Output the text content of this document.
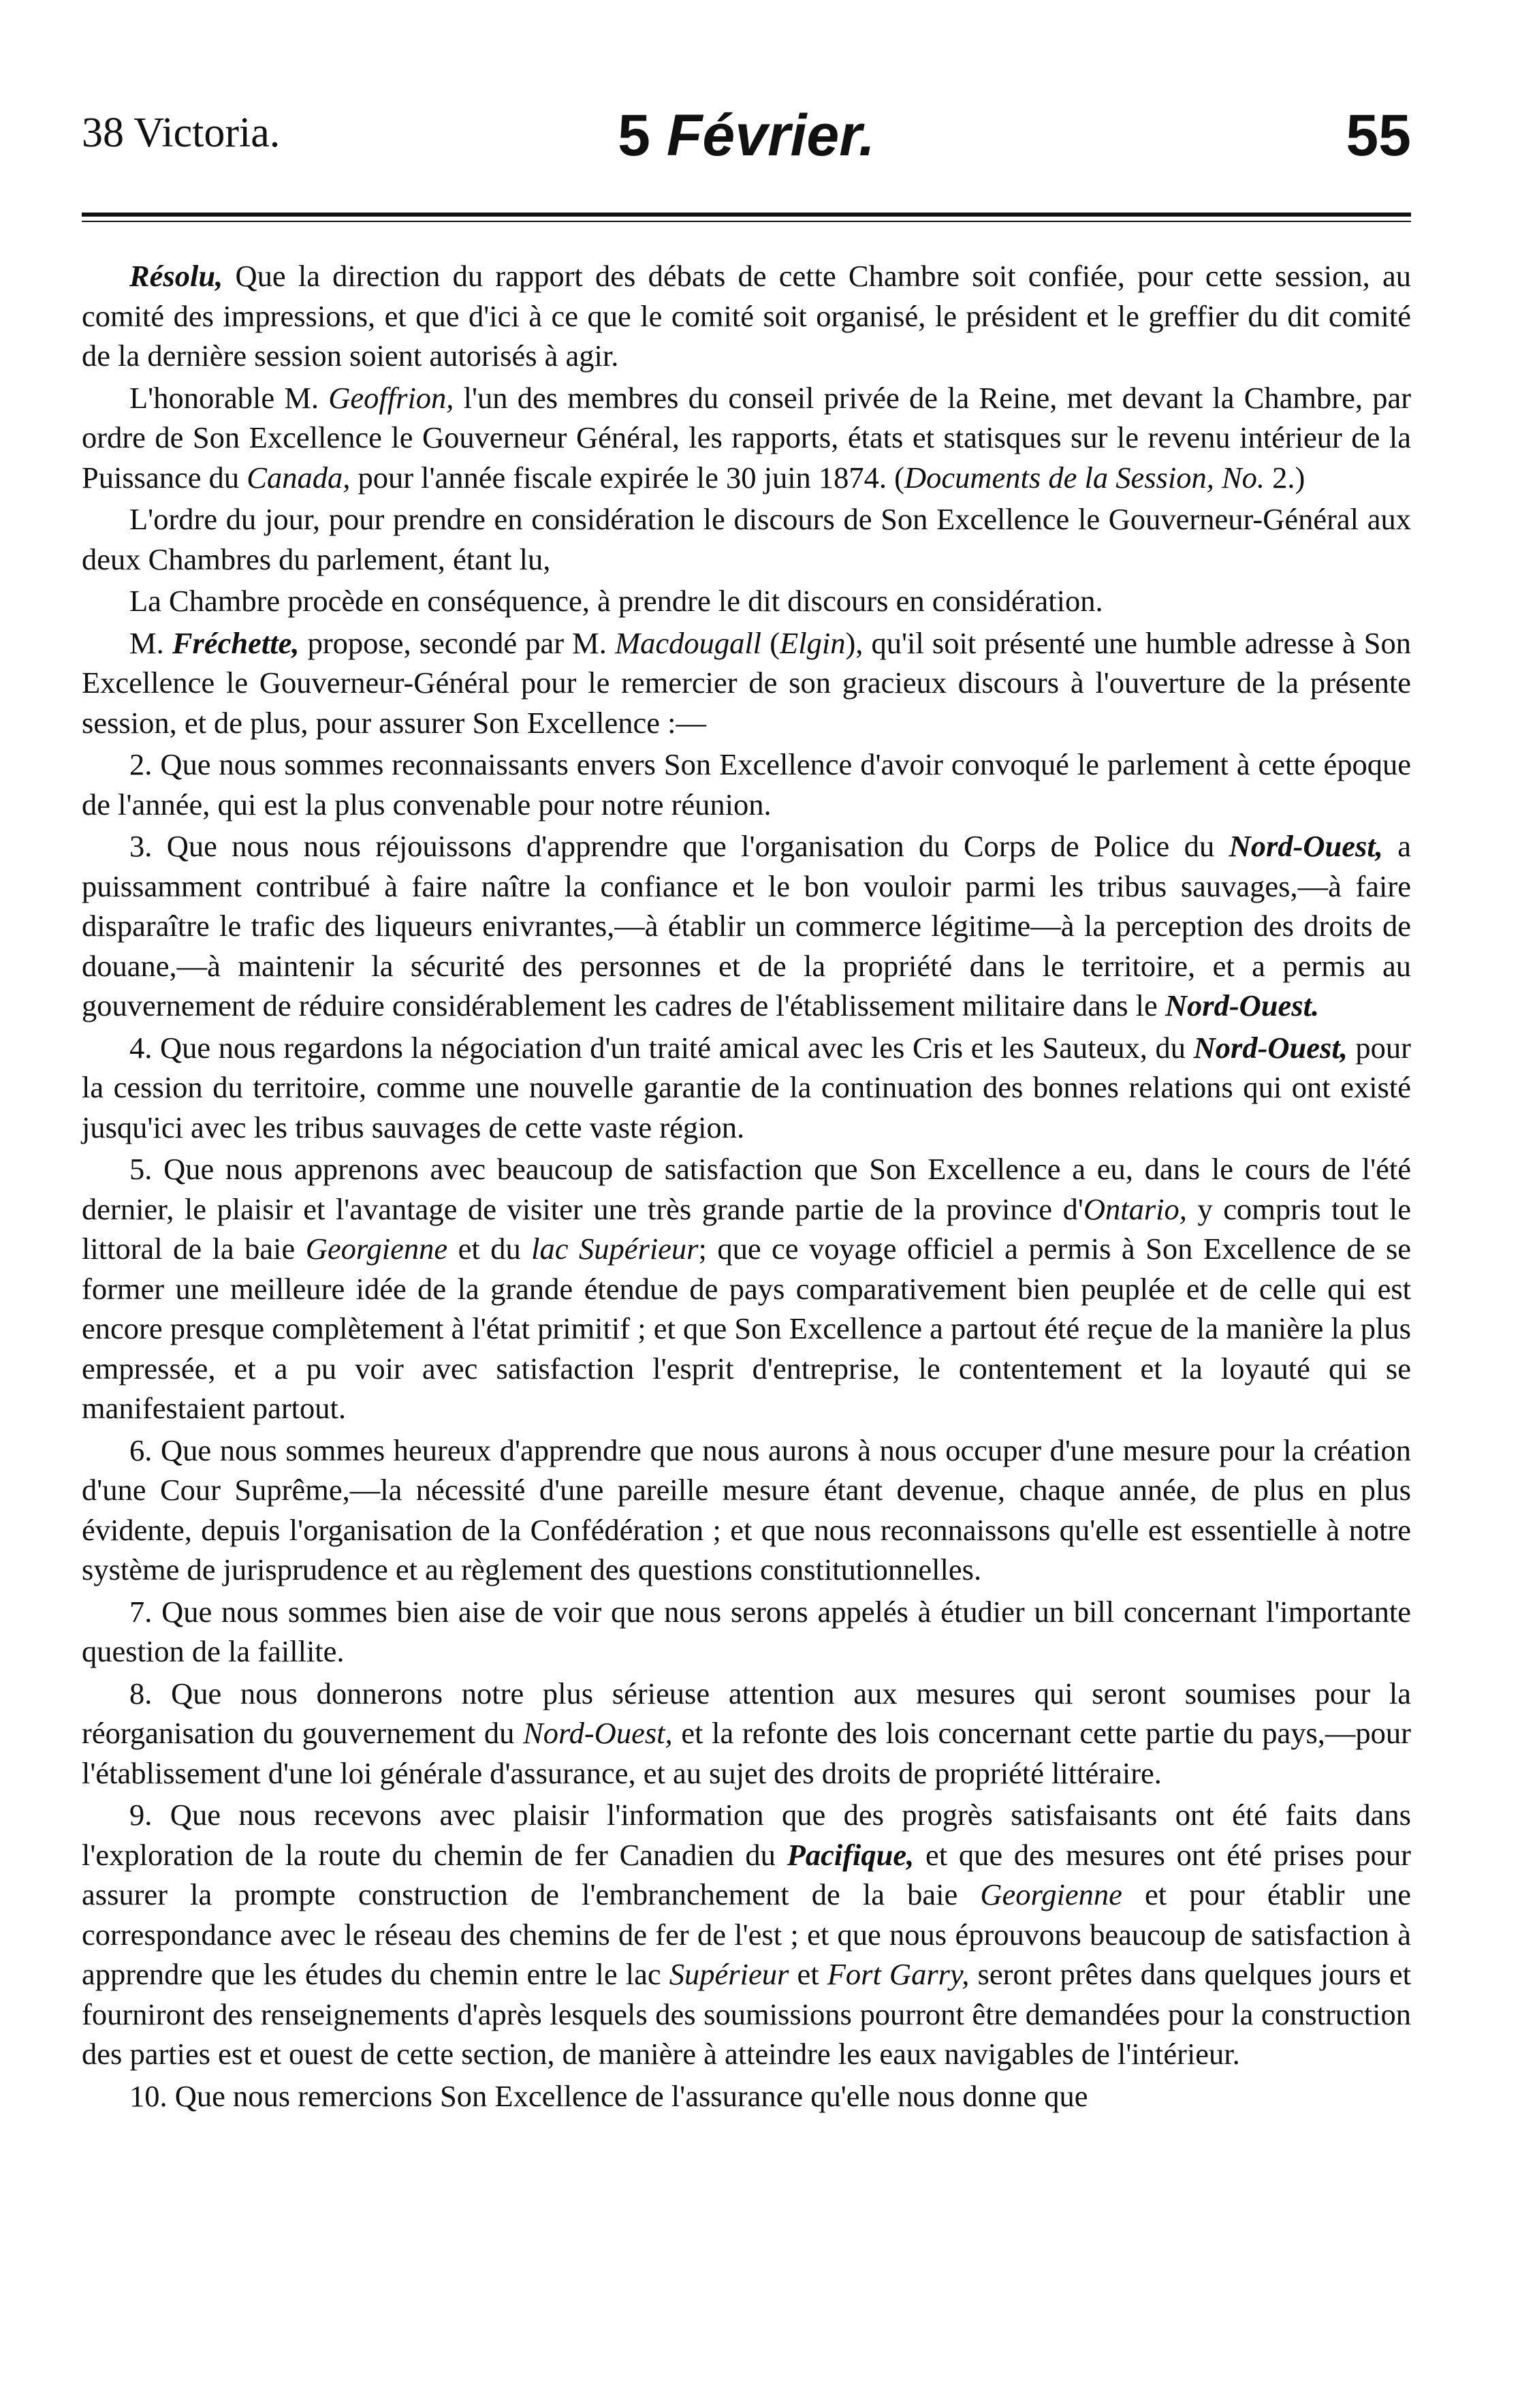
38 Victoria.	5 Février.	55

Résolu, Que la direction du rapport des débats de cette Chambre soit confiée, pour cette session, au comité des impressions, et que d'ici à ce que le comité soit organisé, le président et le greffier du dit comité de la dernière session soient autorisés à agir.

L'honorable M. Geoffrion, l'un des membres du conseil privée de la Reine, met devant la Chambre, par ordre de Son Excellence le Gouverneur Général, les rapports, états et statisques sur le revenu intérieur de la Puissance du Canada, pour l'année fiscale expirée le 30 juin 1874. (Documents de la Session, No. 2.)

L'ordre du jour, pour prendre en considération le discours de Son Excellence le Gouverneur-Général aux deux Chambres du parlement, étant lu,

La Chambre procède en conséquence, à prendre le dit discours en considération.

M. Fréchette, propose, secondé par M. Macdougall (Elgin), qu'il soit présenté une humble adresse à Son Excellence le Gouverneur-Général pour le remercier de son gracieux discours à l'ouverture de la présente session, et de plus, pour assurer Son Excellence :—

2. Que nous sommes reconnaissants envers Son Excellence d'avoir convoqué le parlement à cette époque de l'année, qui est la plus convenable pour notre réunion.

3. Que nous nous réjouissons d'apprendre que l'organisation du Corps de Police du Nord-Ouest, a puissamment contribué à faire naître la confiance et le bon vouloir parmi les tribus sauvages,—à faire disparaître le trafic des liqueurs enivrantes,—à établir un commerce légitime—à la perception des droits de douane,—à maintenir la sécurité des personnes et de la propriété dans le territoire, et a permis au gouvernement de réduire considérablement les cadres de l'établissement militaire dans le Nord-Ouest.

4. Que nous regardons la négociation d'un traité amical avec les Cris et les Sauteux, du Nord-Ouest, pour la cession du territoire, comme une nouvelle garantie de la continuation des bonnes relations qui ont existé jusqu'ici avec les tribus sauvages de cette vaste région.

5. Que nous apprenons avec beaucoup de satisfaction que Son Excellence a eu, dans le cours de l'été dernier, le plaisir et l'avantage de visiter une très grande partie de la province d'Ontario, y compris tout le littoral de la baie Georgienne et du lac Supérieur; que ce voyage officiel a permis à Son Excellence de se former une meilleure idée de la grande étendue de pays comparativement bien peuplée et de celle qui est encore presque complètement à l'état primitif ; et que Son Excellence a partout été reçue de la manière la plus empressée, et a pu voir avec satisfaction l'esprit d'entreprise, le contentement et la loyauté qui se manifestaient partout.

6. Que nous sommes heureux d'apprendre que nous aurons à nous occuper d'une mesure pour la création d'une Cour Suprême,—la nécessité d'une pareille mesure étant devenue, chaque année, de plus en plus évidente, depuis l'organisation de la Confédération ; et que nous reconnaissons qu'elle est essentielle à notre système de jurisprudence et au règlement des questions constitutionnelles.

7. Que nous sommes bien aise de voir que nous serons appelés à étudier un bill concernant l'importante question de la faillite.

8. Que nous donnerons notre plus sérieuse attention aux mesures qui seront soumises pour la réorganisation du gouvernement du Nord-Ouest, et la refonte des lois concernant cette partie du pays,—pour l'établissement d'une loi générale d'assurance, et au sujet des droits de propriété littéraire.

9. Que nous recevons avec plaisir l'information que des progrès satisfaisants ont été faits dans l'exploration de la route du chemin de fer Canadien du Pacifique, et que des mesures ont été prises pour assurer la prompte construction de l'embranchement de la baie Georgienne et pour établir une correspondance avec le réseau des chemins de fer de l'est ; et que nous éprouvons beaucoup de satisfaction à apprendre que les études du chemin entre le lac Supérieur et Fort Garry, seront prêtes dans quelques jours et fourniront des renseignements d'après lesquels des soumissions pourront être demandées pour la construction des parties est et ouest de cette section, de manière à atteindre les eaux navigables de l'intérieur.

10. Que nous remercions Son Excellence de l'assurance qu'elle nous donne que
